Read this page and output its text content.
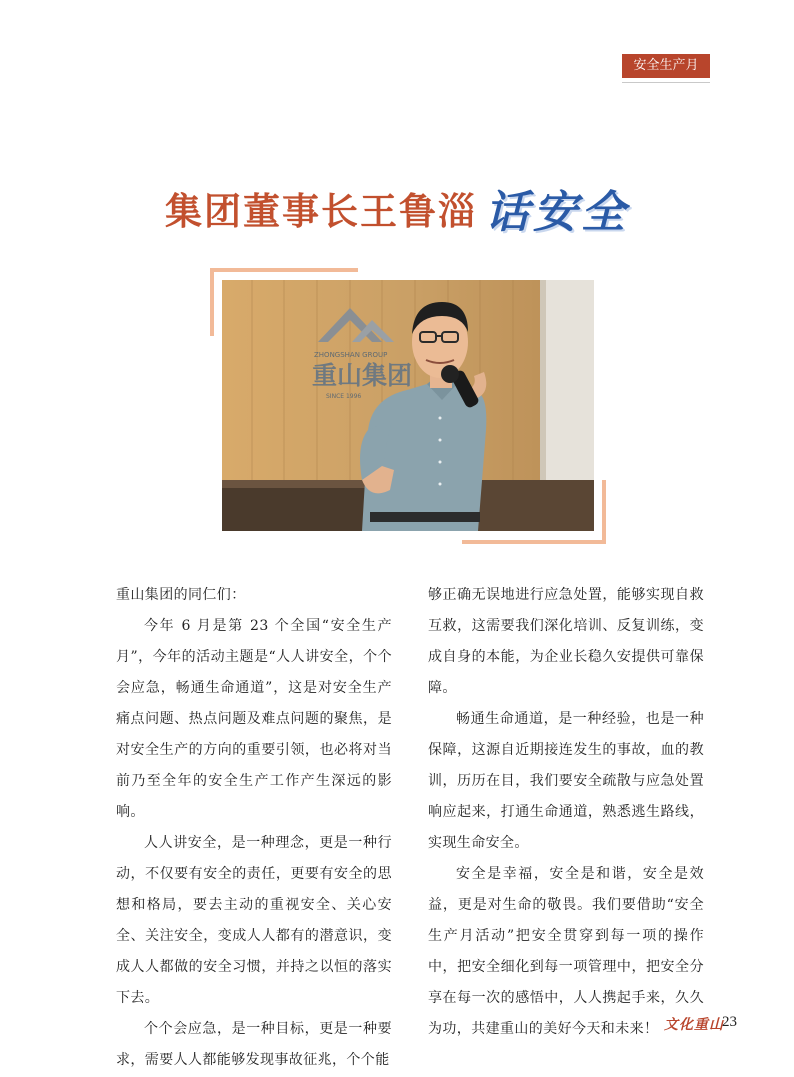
安全生产月
集团董事长王鲁淄 话安全
ZHONGSHAN GROUP
重山集团
SINCE 1996

重山集团的同仁们：

今年 6 月是第 23 个全国“安全生产月”，今年的活动主题是“人人讲安全，个个会应急，畅通生命通道”，这是对安全生产痛点问题、热点问题及难点问题的聚焦，是对安全生产的方向的重要引领，也必将对当前乃至全年的安全生产工作产生深远的影响。

人人讲安全，是一种理念，更是一种行动，不仅要有安全的责任，更要有安全的思想和格局，要去主动的重视安全、关心安全、关注安全，变成人人都有的潜意识，变成人人都做的安全习惯，并持之以恒的落实下去。

个个会应急，是一种目标，更是一种要求，需要人人都能够发现事故征兆，个个能

够正确无误地进行应急处置，能够实现自救互救，这需要我们深化培训、反复训练，变成自身的本能，为企业长稳久安提供可靠保障。

畅通生命通道，是一种经验，也是一种保障，这源自近期接连发生的事故，血的教训，历历在目，我们要安全疏散与应急处置响应起来，打通生命通道，熟悉逃生路线，实现生命安全。

安全是幸福，安全是和谐，安全是效益，更是对生命的敬畏。我们要借助“安全生产月活动”把安全贯穿到每一项的操作中，把安全细化到每一项管理中，把安全分享在每一次的感悟中，人人携起手来，久久为功，共建重山的美好今天和未来！ 文化重山
23
